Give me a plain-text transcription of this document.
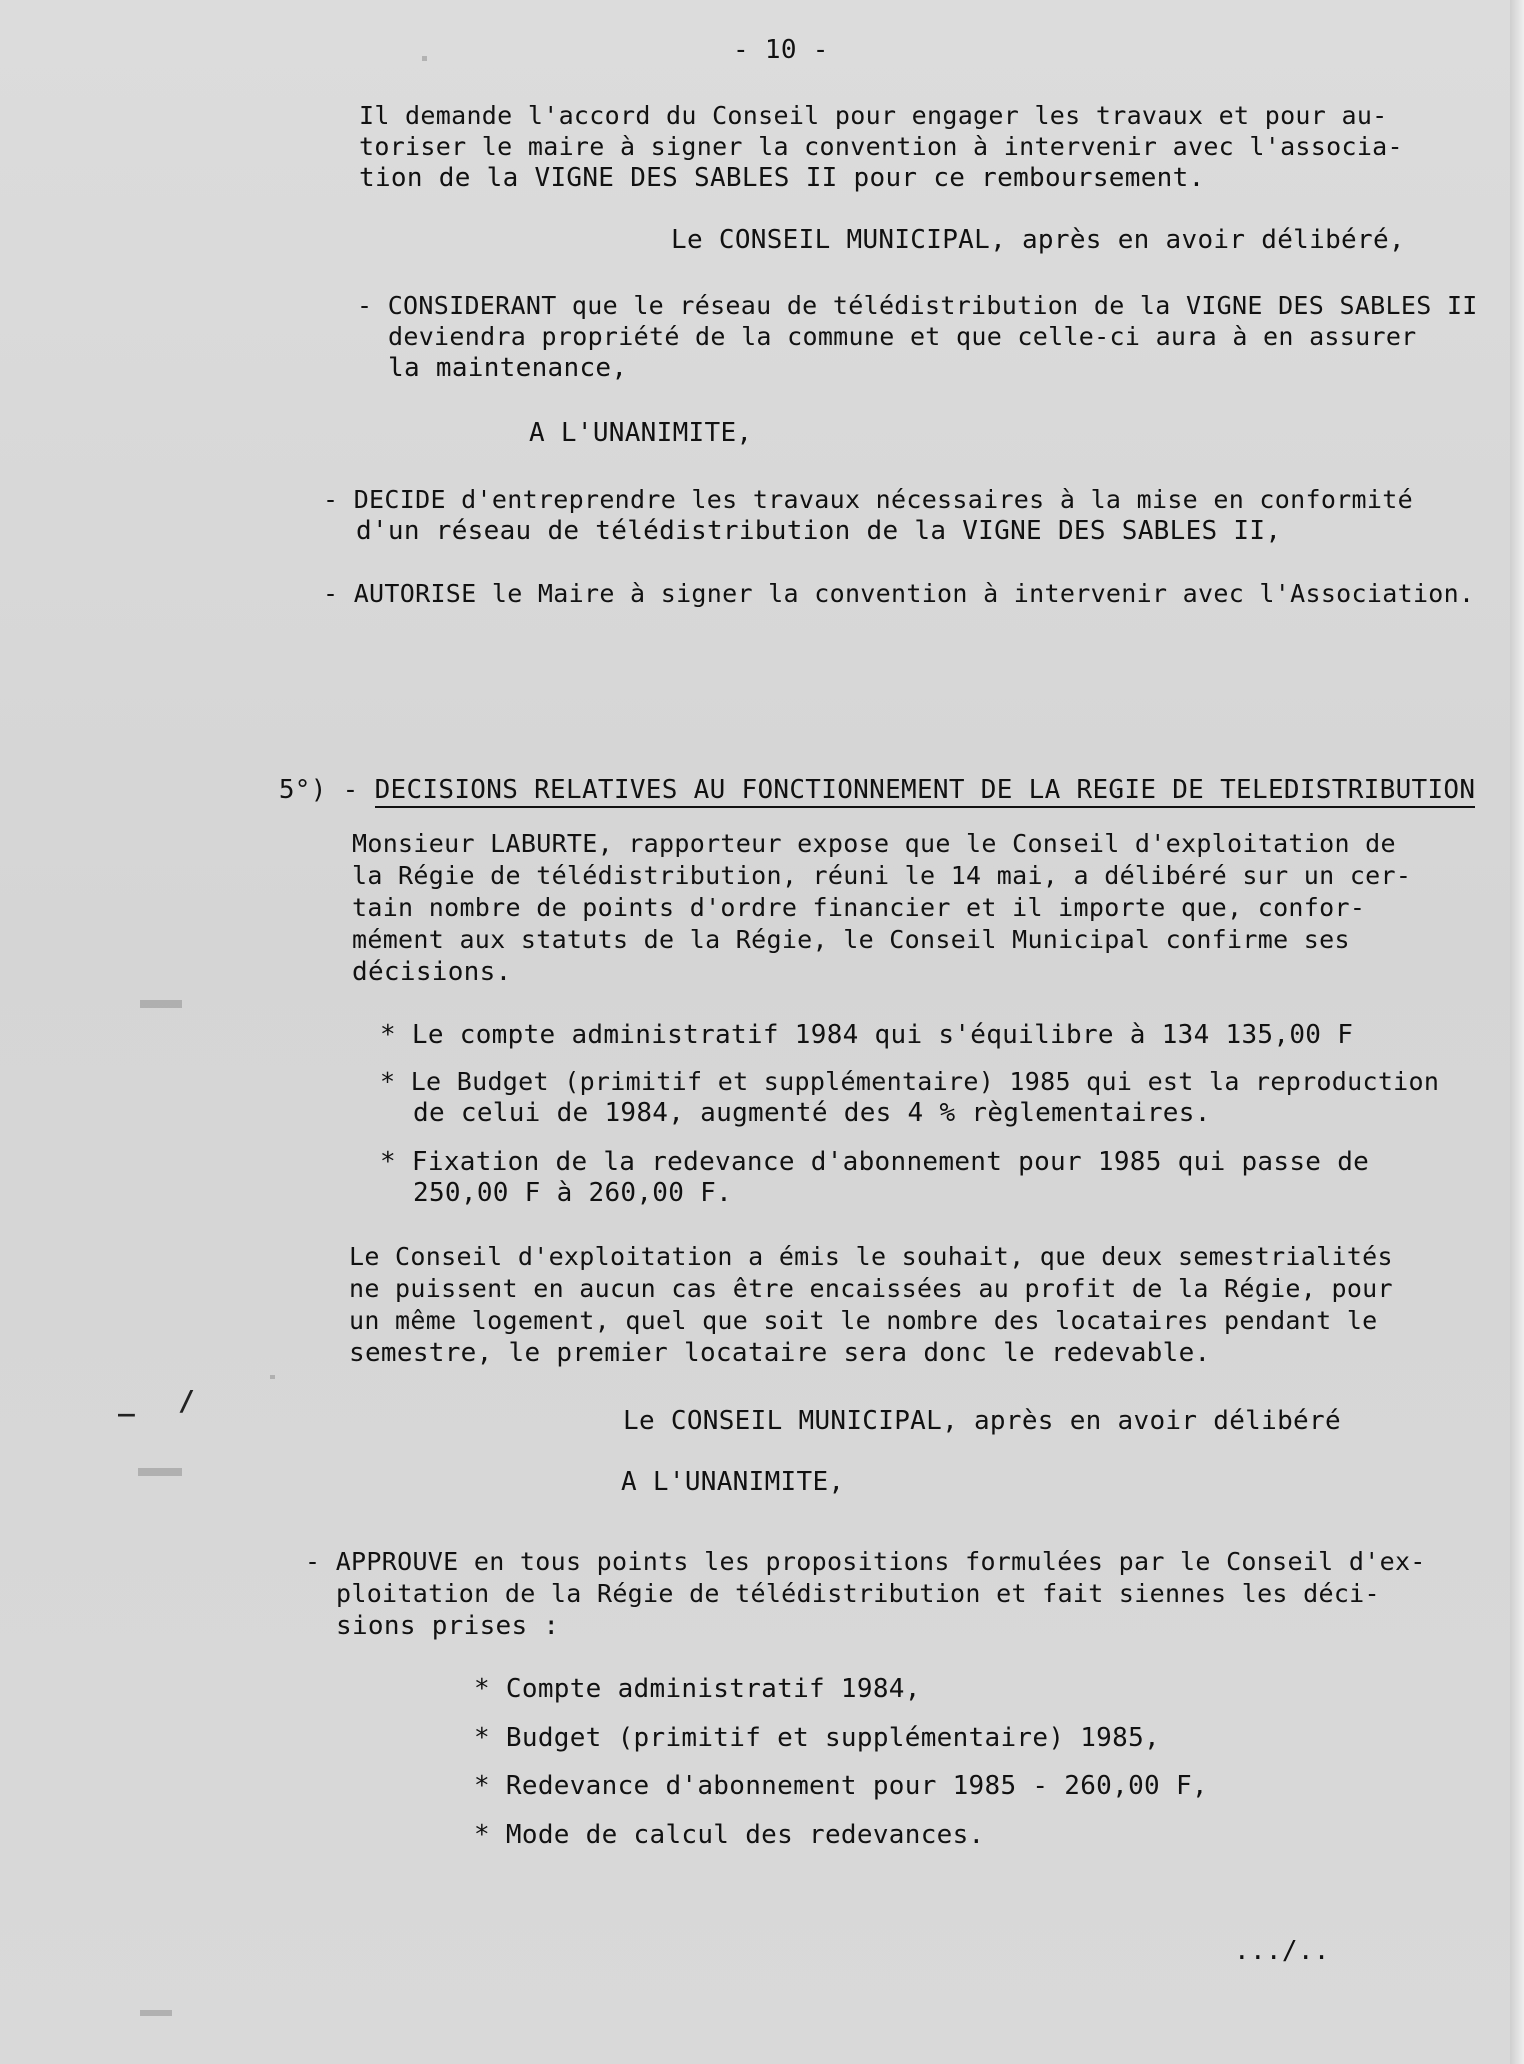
- 10 -
Il demande l'accord du Conseil pour engager les travaux et pour au-
toriser le maire à signer la convention à intervenir avec l'associa-
tion de la VIGNE DES SABLES II pour ce remboursement.
Le CONSEIL MUNICIPAL, après en avoir délibéré,
- CONSIDERANT que le réseau de télédistribution de la VIGNE DES SABLES II
deviendra propriété de la commune et que celle-ci aura à en assurer
la maintenance,
A L'UNANIMITE,
- DECIDE d'entreprendre les travaux nécessaires à la mise en conformité
d'un réseau de télédistribution de la VIGNE DES SABLES II,
- AUTORISE le Maire à signer la convention à intervenir avec l'Association.

5°) - DECISIONS RELATIVES AU FONCTIONNEMENT DE LA REGIE DE TELEDISTRIBUTION

Monsieur LABURTE, rapporteur expose que le Conseil d'exploitation de
la Régie de télédistribution, réuni le 14 mai, a délibéré sur un cer-
tain nombre de points d'ordre financier et il importe que, confor-
mément aux statuts de la Régie, le Conseil Municipal confirme ses
décisions.
* Le compte administratif 1984 qui s'équilibre à 134 135,00 F
* Le Budget (primitif et supplémentaire) 1985 qui est la reproduction
de celui de 1984, augmenté des 4 % règlementaires.
* Fixation de la redevance d'abonnement pour 1985 qui passe de
250,00 F à 260,00 F.
Le Conseil d'exploitation a émis le souhait, que deux semestrialités
ne puissent en aucun cas être encaissées au profit de la Régie, pour
un même logement, quel que soit le nombre des locataires pendant le
semestre, le premier locataire sera donc le redevable.
Le CONSEIL MUNICIPAL, après en avoir délibéré
A L'UNANIMITE,
- APPROUVE en tous points les propositions formulées par le Conseil d'ex-
ploitation de la Régie de télédistribution et fait siennes les déci-
sions prises :
* Compte administratif 1984,
* Budget (primitif et supplémentaire) 1985,
* Redevance d'abonnement pour 1985 - 260,00 F,
* Mode de calcul des redevances.
.../..
_ /
